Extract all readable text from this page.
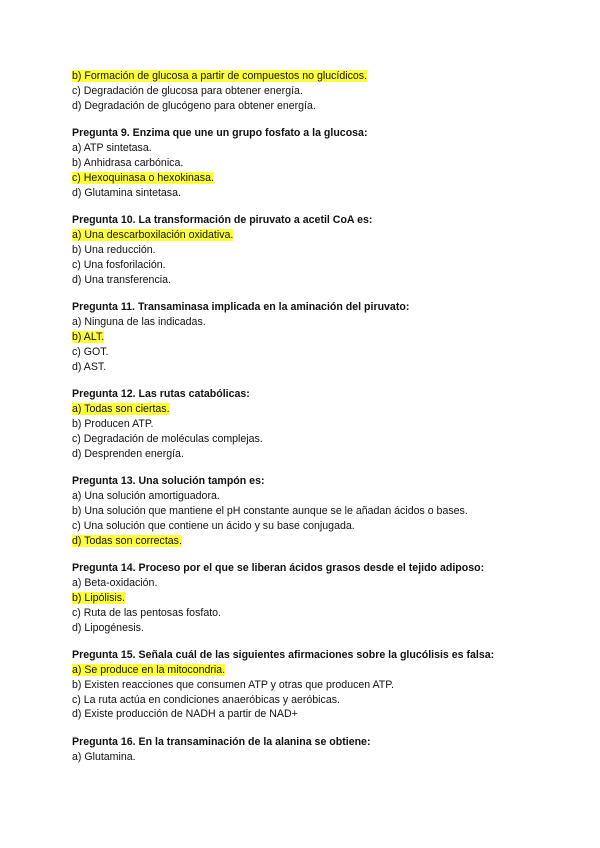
b) Formación de glucosa a partir de compuestos no glucídicos.
c) Degradación de glucosa para obtener energía.
d) Degradación de glucógeno para obtener energía.
Pregunta 9. Enzima que une un grupo fosfato a la glucosa:
a) ATP sintetasa.
b) Anhidrasa carbónica.
c) Hexoquinasa o hexokinasa.
d) Glutamina sintetasa.
Pregunta 10. La transformación de piruvato a acetil CoA es:
a) Una descarboxilación oxidativa.
b) Una reducción.
c) Una fosforilación.
d) Una transferencia.
Pregunta 11. Transaminasa implicada en la aminación del piruvato:
a) Ninguna de las indicadas.
b) ALT.
c) GOT.
d) AST.
Pregunta 12. Las rutas catabólicas:
a) Todas son ciertas.
b) Producen ATP.
c) Degradación de moléculas complejas.
d) Desprenden energía.
Pregunta 13. Una solución tampón es:
a) Una solución amortiguadora.
b) Una solución que mantiene el pH constante aunque se le añadan ácidos o bases.
c) Una solución que contiene un ácido y su base conjugada.
d) Todas son correctas.
Pregunta 14. Proceso por el que se liberan ácidos grasos desde el tejido adiposo:
a) Beta-oxidación.
b) Lipólisis.
c) Ruta de las pentosas fosfato.
d) Lipogénesis.
Pregunta 15. Señala cuál de las siguientes afirmaciones sobre la glucólisis es falsa:
a) Se produce en la mitocondria.
b) Existen reacciones que consumen ATP y otras que producen ATP.
c) La ruta actúa en condiciones anaeróbicas y aeróbicas.
d) Existe producción de NADH a partir de NAD+
Pregunta 16. En la transaminación de la alanina se obtiene:
a) Glutamina.
